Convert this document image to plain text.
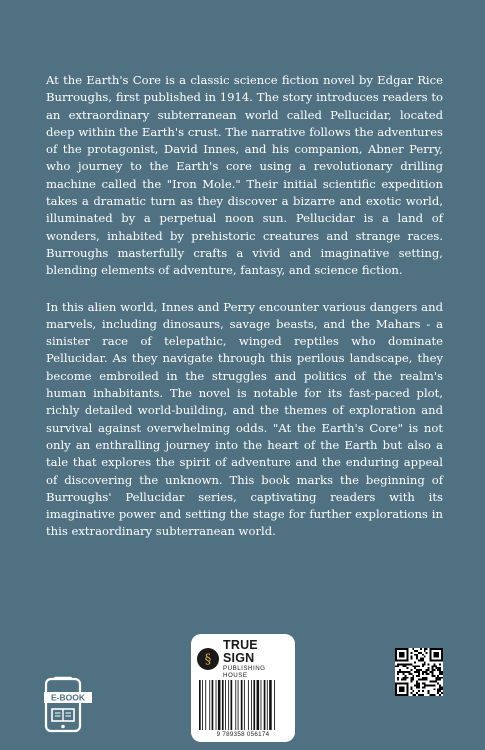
At the Earth's Core is a classic science fiction novel by Edgar Rice Burroughs, first published in 1914. The story introduces readers to an extraordinary subterranean world called Pellucidar, located deep within the Earth's crust. The narrative follows the adventures of the protagonist, David Innes, and his companion, Abner Perry, who journey to the Earth's core using a revolutionary drilling machine called the "Iron Mole." Their initial scientific expedition takes a dramatic turn as they discover a bizarre and exotic world, illuminated by a perpetual noon sun. Pellucidar is a land of wonders, inhabited by prehistoric creatures and strange races. Burroughs masterfully crafts a vivid and imaginative setting, blending elements of adventure, fantasy, and science fiction.

In this alien world, Innes and Perry encounter various dangers and marvels, including dinosaurs, savage beasts, and the Mahars - a sinister race of telepathic, winged reptiles who dominate Pellucidar. As they navigate through this perilous landscape, they become embroiled in the struggles and politics of the realm's human inhabitants. The novel is notable for its fast-paced plot, richly detailed world-building, and the themes of exploration and survival against overwhelming odds. "At the Earth's Core" is not only an enthralling journey into the heart of the Earth but also a tale that explores the spirit of adventure and the enduring appeal of discovering the unknown. This book marks the beginning of Burroughs' Pellucidar series, captivating readers with its imaginative power and setting the stage for further explorations in this extraordinary subterranean world.

E-BOOK
§
TRUE SIGN
PUBLISHING HOUSE
9 789358 056174
